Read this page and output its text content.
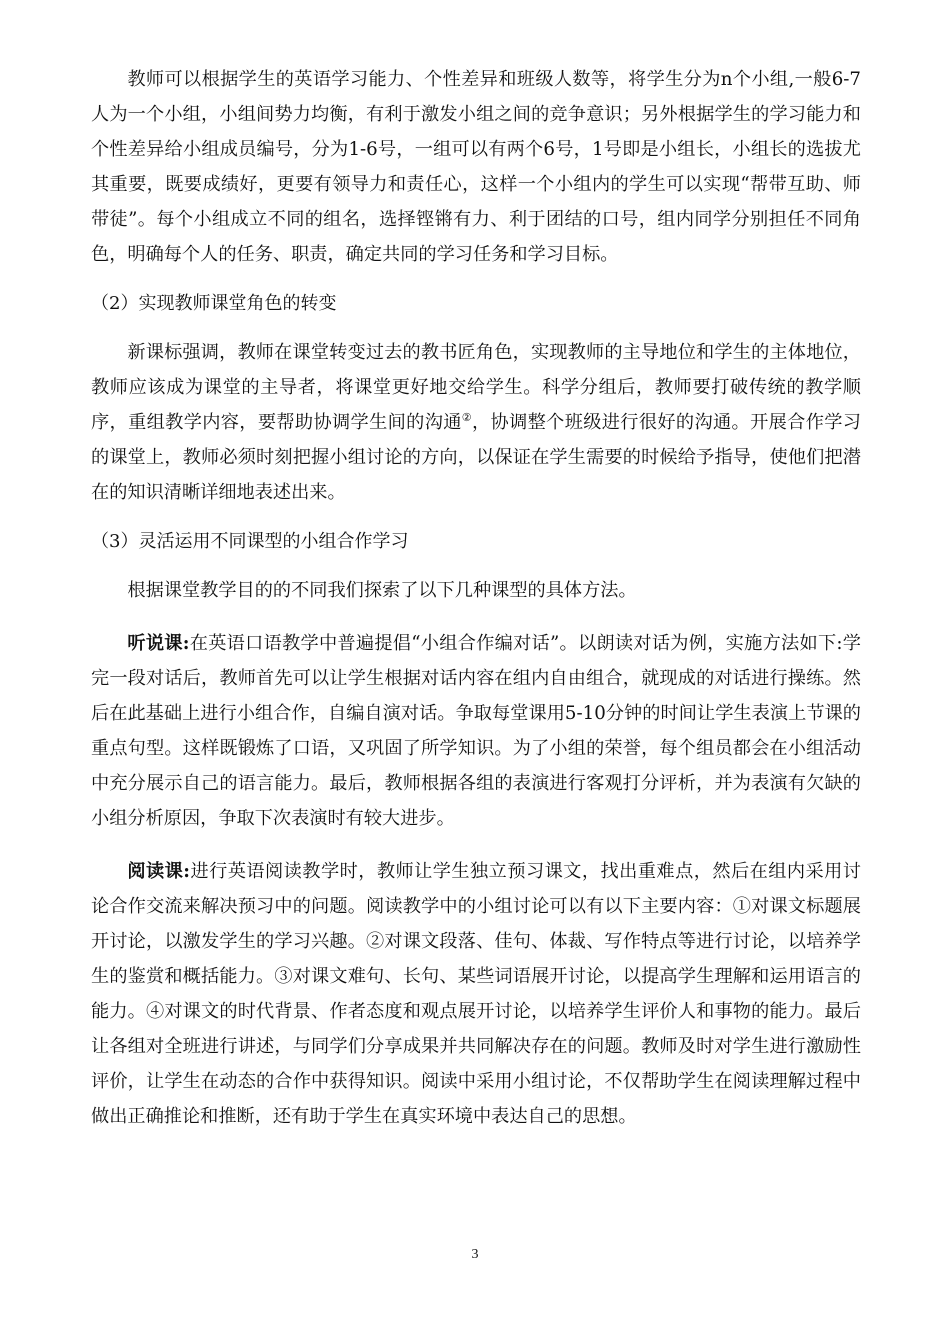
教师可以根据学生的英语学习能力、个性差异和班级人数等，将学生分为n个小组,一般6-7人为一个小组，小组间势力均衡，有利于激发小组之间的竞争意识；另外根据学生的学习能力和个性差异给小组成员编号，分为1-6号，一组可以有两个6号，1号即是小组长，小组长的选拔尤其重要，既要成绩好，更要有领导力和责任心，这样一个小组内的学生可以实现“帮带互助、师带徒”。每个小组成立不同的组名，选择铿锵有力、利于团结的口号，组内同学分别担任不同角色，明确每个人的任务、职责，确定共同的学习任务和学习目标。

（2）实现教师课堂角色的转变

新课标强调，教师在课堂转变过去的教书匠角色，实现教师的主导地位和学生的主体地位，教师应该成为课堂的主导者，将课堂更好地交给学生。科学分组后，教师要打破传统的教学顺序，重组教学内容，要帮助协调学生间的沟通②，协调整个班级进行很好的沟通。开展合作学习的课堂上，教师必须时刻把握小组讨论的方向，以保证在学生需要的时候给予指导，使他们把潜在的知识清晰详细地表述出来。

（3）灵活运用不同课型的小组合作学习

根据课堂教学目的的不同我们探索了以下几种课型的具体方法。

听说课:在英语口语教学中普遍提倡“小组合作编对话”。以朗读对话为例，实施方法如下:学完一段对话后，教师首先可以让学生根据对话内容在组内自由组合，就现成的对话进行操练。然后在此基础上进行小组合作，自编自演对话。争取每堂课用5-10分钟的时间让学生表演上节课的重点句型。这样既锻炼了口语，又巩固了所学知识。为了小组的荣誉，每个组员都会在小组活动中充分展示自己的语言能力。最后，教师根据各组的表演进行客观打分评析，并为表演有欠缺的小组分析原因，争取下次表演时有较大进步。

阅读课:进行英语阅读教学时，教师让学生独立预习课文，找出重难点，然后在组内采用讨论合作交流来解决预习中的问题。阅读教学中的小组讨论可以有以下主要内容：①对课文标题展开讨论，以激发学生的学习兴趣。②对课文段落、佳句、体裁、写作特点等进行讨论，以培养学生的鉴赏和概括能力。③对课文难句、长句、某些词语展开讨论，以提高学生理解和运用语言的能力。④对课文的时代背景、作者态度和观点展开讨论，以培养学生评价人和事物的能力。最后让各组对全班进行讲述，与同学们分享成果并共同解决存在的问题。教师及时对学生进行激励性评价，让学生在动态的合作中获得知识。阅读中采用小组讨论，不仅帮助学生在阅读理解过程中做出正确推论和推断，还有助于学生在真实环境中表达自己的思想。

3
